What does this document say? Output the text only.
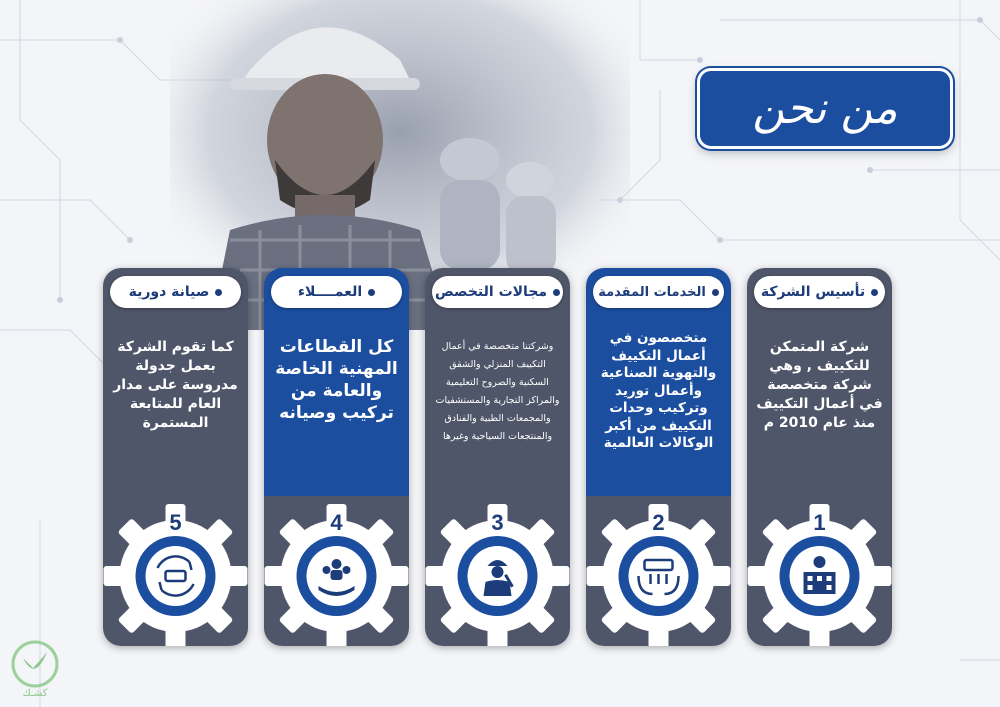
من نحن
صيانة دورية
كما تقوم الشركة بعمل جدولة مدروسة على مدار العام للمتابعة المستمرة
5
العمــــلاء
كل القطاعات المهنية الخاصة والعامة من تركيب وصيانه
4
مجالات التخصص
وشركتنا متخصصة في أعمال التكييف المنزلي والشقق السكنية والصروح التعليمية والمراكز التجارية والمستشفيات والمجمعات الطبية والفنادق والمنتجعات السياحية وغيرها
3
الخدمات المقدمة
متخصصون في أعمال التكييف والتهوية الصناعية وأعمال توريد وتركيب وحدات التكييف من أكبر الوكالات العالمية
2
تأسيس الشركة
شركة المتمكن للتكييف , وهي شركة متخصصة في أعمال التكييف منذ عام 2010 م
1
كشـك
